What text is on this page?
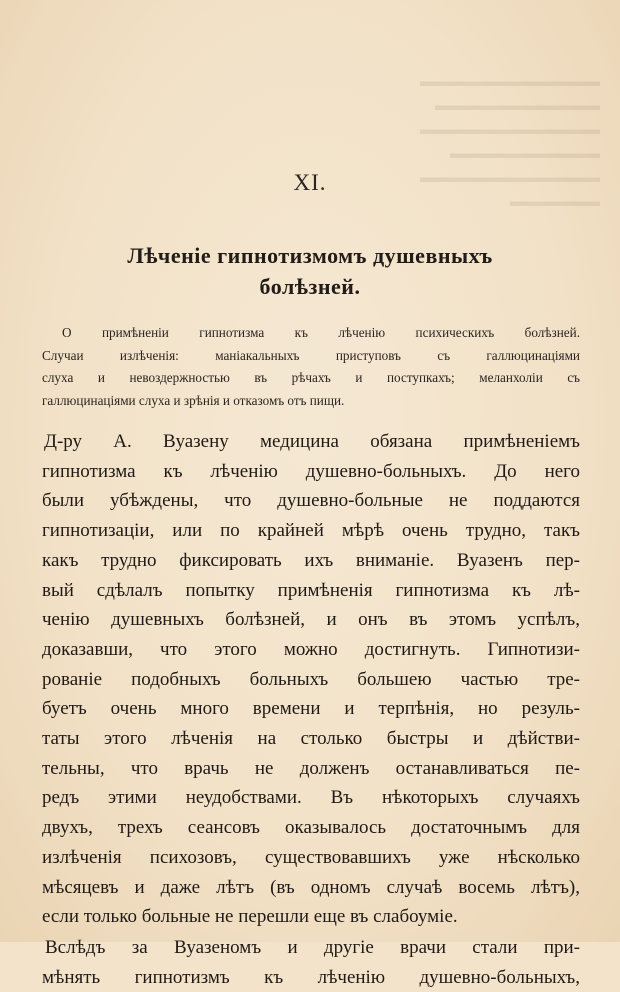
▬▬▬▬▬▬▬▬▬▬▬▬
▬▬▬▬▬▬▬▬▬▬▬
▬▬▬▬▬▬▬▬▬▬▬▬
▬▬▬▬▬▬▬▬▬▬
▬▬▬▬▬▬▬▬▬▬▬▬
▬▬▬▬▬▬
XI.
Лѣченіе гипнотизмомъ душевныхъ
болѣзней.
О примѣненіи гипнотизма къ лѣченію психическихъ болѣзней.
Случаи излѣченія: маніакальныхъ приступовъ съ галлюцинаціями
слуха и невоздержностью въ рѣчахъ и поступкахъ; меланхоліи съ
галлюцинаціями слуха и зрѣнія и отказомъ отъ пищи.
Д-ру А. Вуазену медицина обязана примѣненіемъ
гипнотизма къ лѣченію душевно-больныхъ. До него
были убѣждены, что душевно-больные не поддаются
гипнотизаціи, или по крайней мѣрѣ очень трудно, такъ
какъ трудно фиксировать ихъ вниманіе. Вуазенъ пер-
вый сдѣлалъ попытку примѣненія гипнотизма къ лѣ-
ченію душевныхъ болѣзней, и онъ въ этомъ успѣлъ,
доказавши, что этого можно достигнуть. Гипнотизи-
рованіе подобныхъ больныхъ большею частью тре-
буетъ очень много времени и терпѣнія, но резуль-
таты этого лѣченія на столько быстры и дѣйстви-
тельны, что врачь не долженъ останавливаться пе-
редъ этими неудобствами. Въ нѣкоторыхъ случаяхъ
двухъ, трехъ сеансовъ оказывалось достаточнымъ для
излѣченія психозовъ, существовавшихъ уже нѣсколько
мѣсяцевъ и даже лѣтъ (въ одномъ случаѣ восемь лѣтъ),
если только больные не перешли еще въ слабоуміе.
Вслѣдъ за Вуазеномъ и другіе врачи стали при-
мѣнять гипнотизмъ къ лѣченію душевно-больныхъ,
